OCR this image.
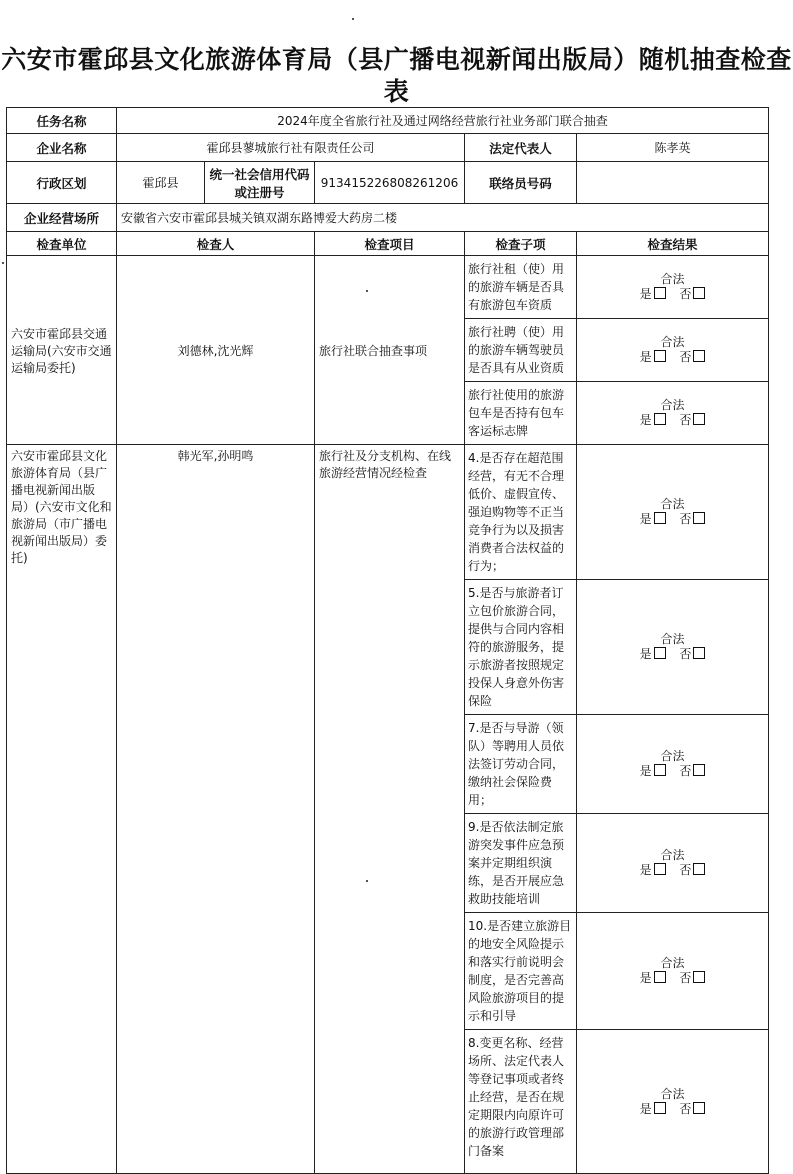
六安市霍邱县文化旅游体育局（县广播电视新闻出版局）随机抽查检查表
任务名称	2024年度全省旅行社及通过网络经营旅行社业务部门联合抽查				
企业名称	霍邱县蓼城旅行社有限责任公司			法定代表人	陈孝英
行政区划	霍邱县	统一社会信用代码或注册号	913415226808261206	联络员号码	
企业经营场所	安徽省六安市霍邱县城关镇双湖东路博爱大药房二楼				
检查单位	检查人		检查项目	检查子项	检查结果
六安市霍邱县交通运输局(六安市交通运输局委托)	刘德林,沈光辉		旅行社联合抽查事项	旅行社租（使）用的旅游车辆是否具有旅游包车资质	合法
是 否

				旅行社聘（使）用的旅游车辆驾驶员是否具有从业资质	合法
是 否

				旅行社使用的旅游包车是否持有包车客运标志牌	合法
是 否

六安市霍邱县文化旅游体育局（县广播电视新闻出版局）(六安市文化和旅游局（市广播电视新闻出版局）委托)	韩光军,孙明鸣		旅行社及分支机构、在线旅游经营情况经检查	4.是否存在超范围经营，有无不合理低价、虚假宣传、强迫购物等不正当竞争行为以及损害消费者合法权益的行为；	合法
是 否

				5.是否与旅游者订立包价旅游合同，提供与合同内容相符的旅游服务，提示旅游者按照规定投保人身意外伤害保险	合法
是 否

				7.是否与导游（领队）等聘用人员依法签订劳动合同，缴纳社会保险费用；	合法
是 否

				9.是否依法制定旅游突发事件应急预案并定期组织演练，是否开展应急救助技能培训	合法
是 否

				10.是否建立旅游目的地安全风险提示和落实行前说明会制度，是否完善高风险旅游项目的提示和引导	合法
是 否

				8.变更名称、经营场所、法定代表人等登记事项或者终止经营，是否在规定期限内向原许可的旅游行政管理部门备案	合法
是 否
